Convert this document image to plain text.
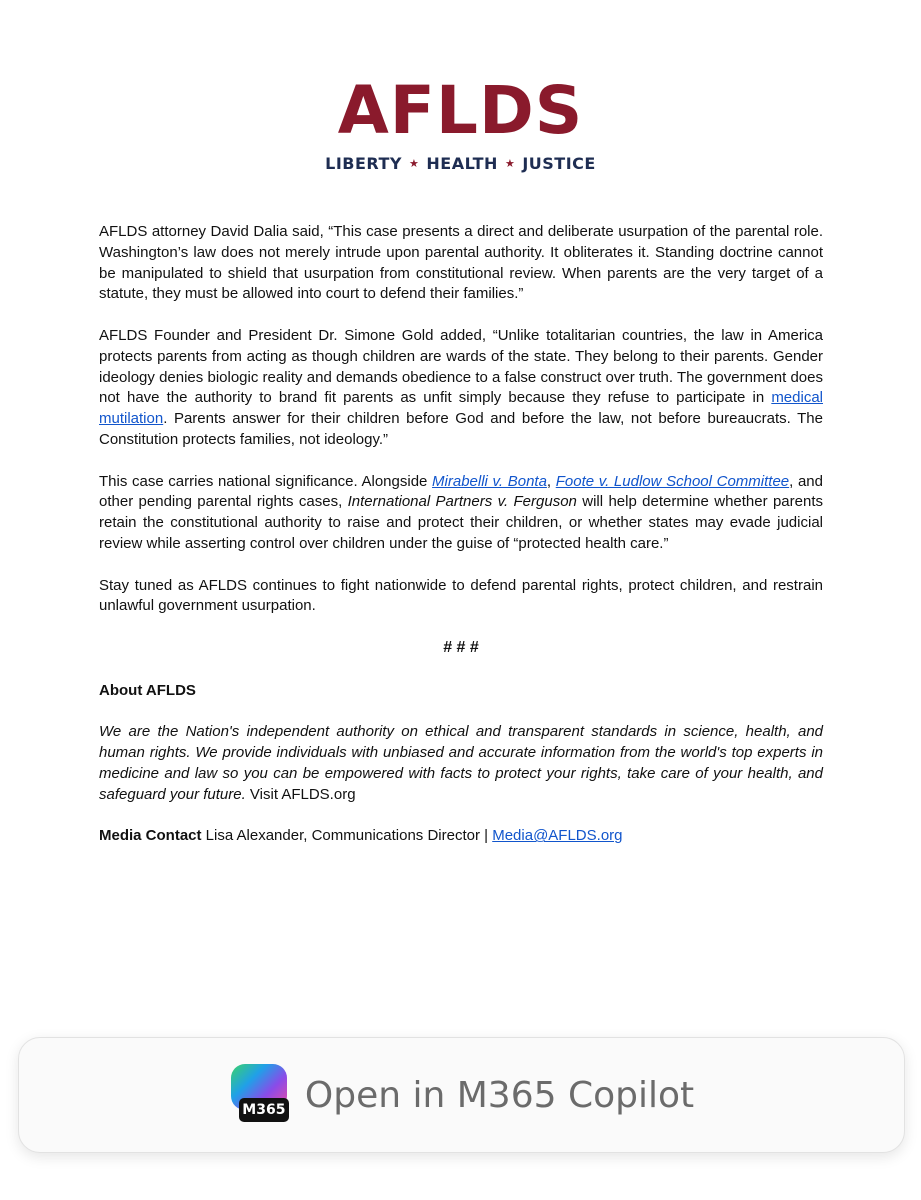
AFLDS
LIBERTY ★ HEALTH ★ JUSTICE

AFLDS attorney David Dalia said, “This case presents a direct and deliberate usurpation of the parental role. Washington’s law does not merely intrude upon parental authority. It obliterates it. Standing doctrine cannot be manipulated to shield that usurpation from constitutional review. When parents are the very target of a statute, they must be allowed into court to defend their families.”

AFLDS Founder and President Dr. Simone Gold added, “Unlike totalitarian countries, the law in America protects parents from acting as though children are wards of the state. They belong to their parents. Gender ideology denies biologic reality and demands obedience to a false construct over truth. The government does not have the authority to brand fit parents as unfit simply because they refuse to participate in medical mutilation. Parents answer for their children before God and before the law, not before bureaucrats. The Constitution protects families, not ideology.”

This case carries national significance. Alongside Mirabelli v. Bonta, Foote v. Ludlow School Committee, and other pending parental rights cases, International Partners v. Ferguson will help determine whether parents retain the constitutional authority to raise and protect their children, or whether states may evade judicial review while asserting control over children under the guise of “protected health care.”

Stay tuned as AFLDS continues to fight nationwide to defend parental rights, protect children, and restrain unlawful government usurpation.

# # #

About AFLDS

We are the Nation's independent authority on ethical and transparent standards in science, health, and human rights. We provide individuals with unbiased and accurate information from the world's top experts in medicine and law so you can be empowered with facts to protect your rights, take care of your health, and safeguard your future. Visit AFLDS.org

Media Contact Lisa Alexander, Communications Director | Media@AFLDS.org

M365 Open in M365 Copilot
